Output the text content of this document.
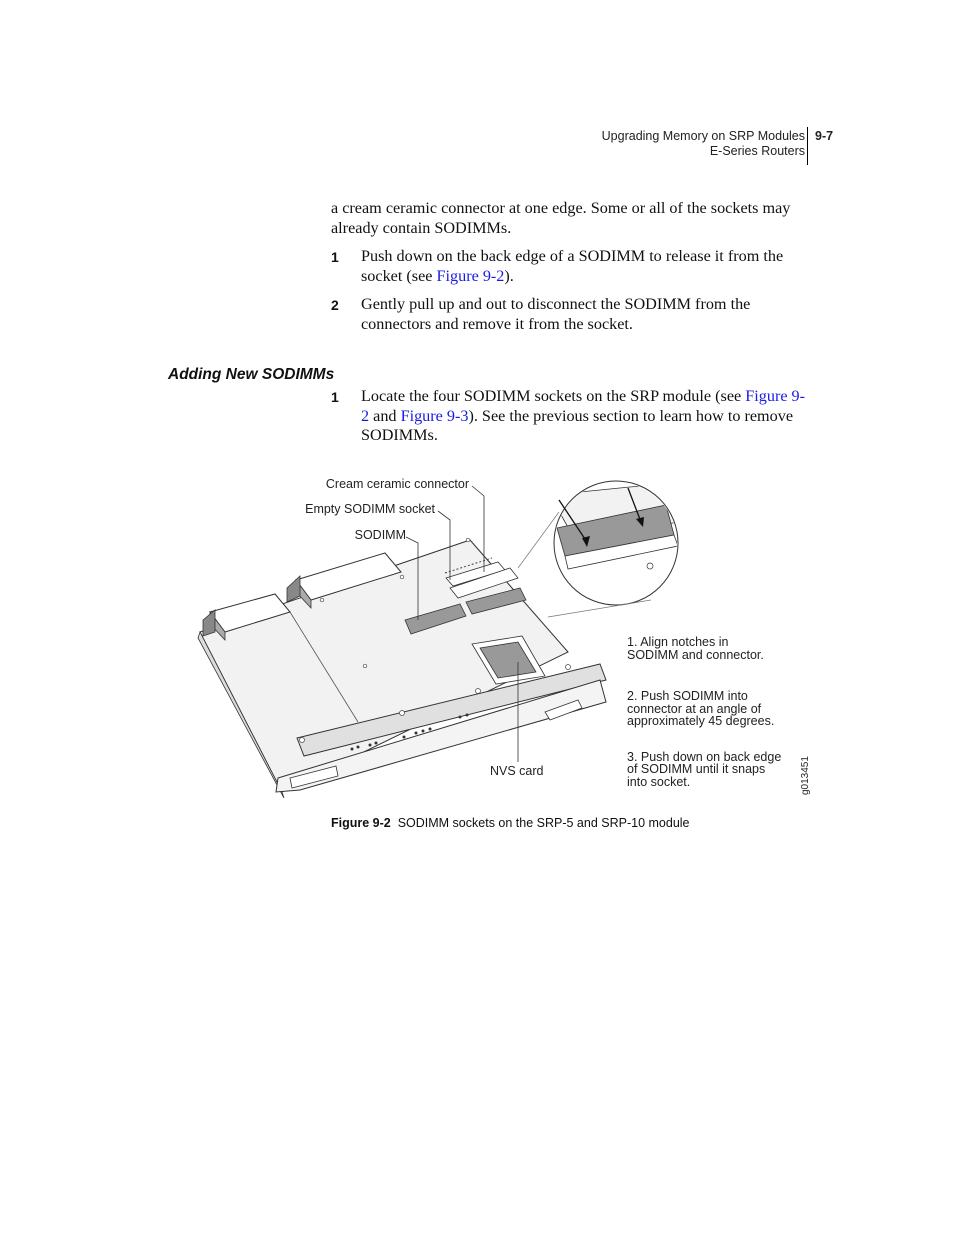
Upgrading Memory on SRP Modules
E-Series Routers
9-7
a cream ceramic connector at one edge. Some or all of the sockets may already contain SODIMMs.
1 Push down on the back edge of a SODIMM to release it from the socket (see Figure 9-2).
2 Gently pull up and out to disconnect the SODIMM from the connectors and remove it from the socket.
Adding New SODIMMs
1 Locate the four SODIMM sockets on the SRP module (see Figure 9-2 and Figure 9-3). See the previous section to learn how to remove SODIMMs.
Cream ceramic connector
Empty SODIMM socket
SODIMM
NVS card
1. Align notches in
SODIMM and connector.
2. Push SODIMM into
connector at an angle of
approximately 45 degrees.
3. Push down on back edge
of SODIMM until it snaps
into socket.	g013451
Figure 9-2 SODIMM sockets on the SRP-5 and SRP-10 module
